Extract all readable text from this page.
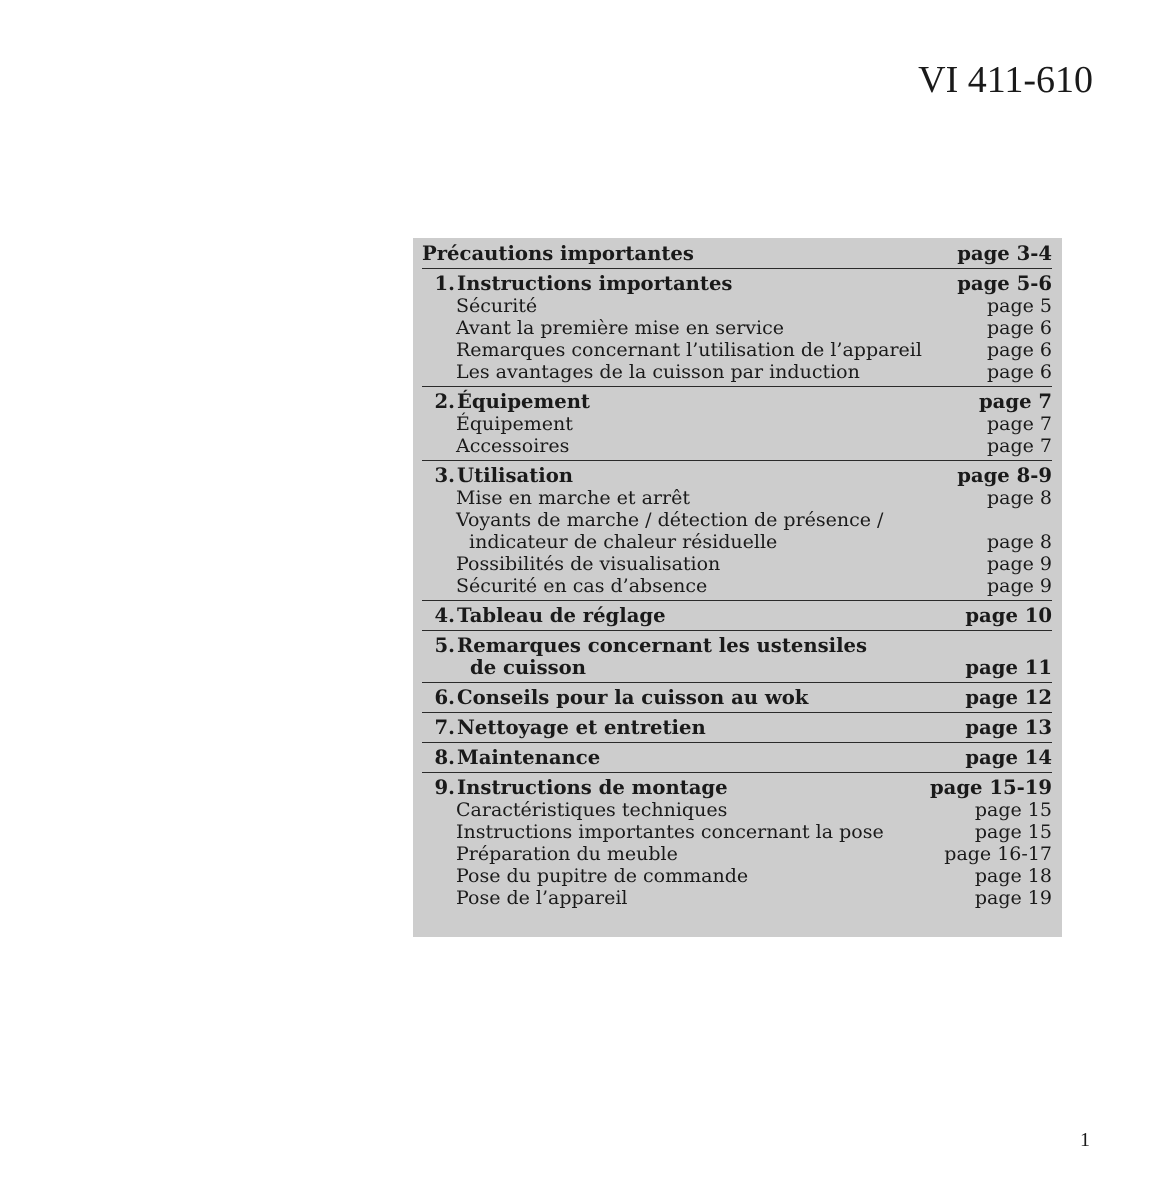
VI 411-610
Précautions importantes	page 3-4
1. Instructions importantes	page 5-6
Sécurité	page 5
Avant la première mise en service	page 6
Remarques concernant l’utilisation de l’appareil	page 6
Les avantages de la cuisson par induction	page 6
2. Équipement	page 7
Équipement	page 7
Accessoires	page 7
3. Utilisation	page 8-9
Mise en marche et arrêt	page 8
Voyants de marche / détection de présence /
indicateur de chaleur résiduelle	page 8
Possibilités de visualisation	page 9
Sécurité en cas d’absence	page 9
4. Tableau de réglage	page 10
5. Remarques concernant les ustensiles
de cuisson	page 11
6. Conseils pour la cuisson au wok	page 12
7. Nettoyage et entretien	page 13
8. Maintenance	page 14
9. Instructions de montage	page 15-19
Caractéristiques techniques	page 15
Instructions importantes concernant la pose	page 15
Préparation du meuble	page 16-17
Pose du pupitre de commande	page 18
Pose de l’appareil	page 19
1
